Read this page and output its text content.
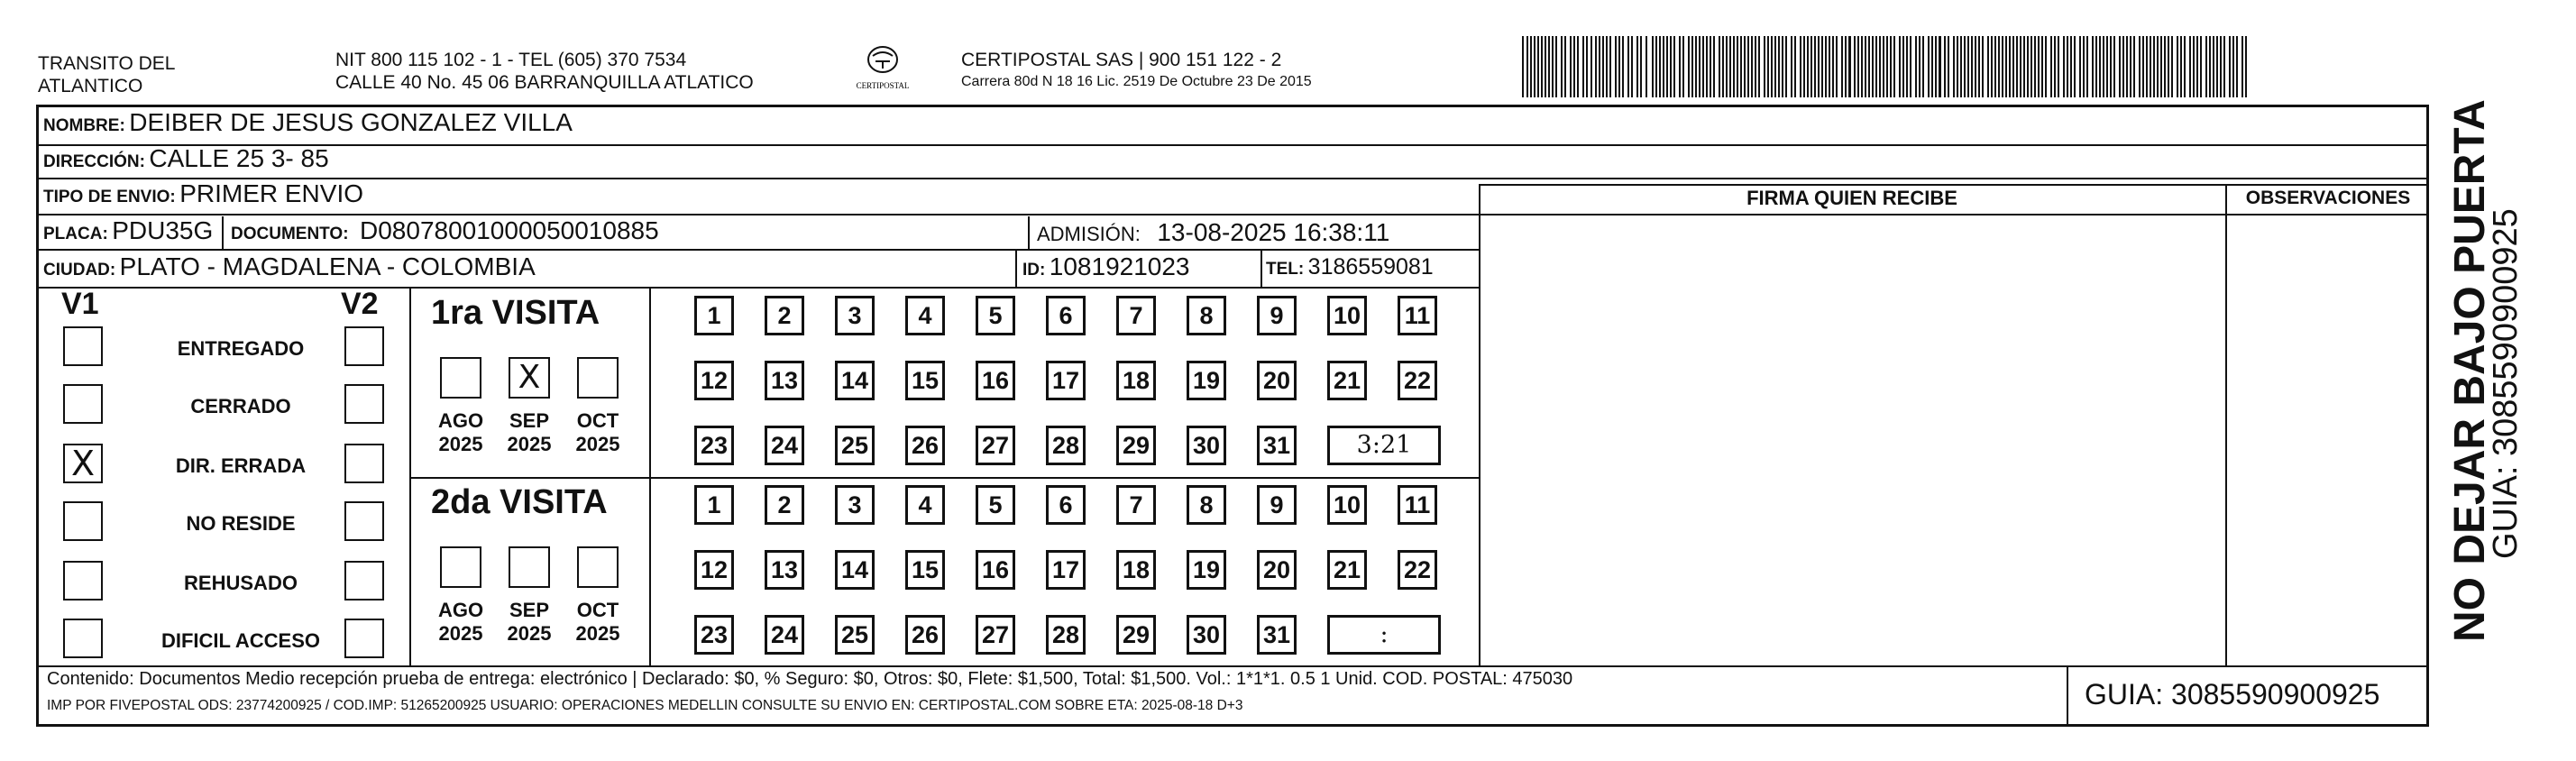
TRANSITO DEL
ATLANTICO
NIT 800 115 102 - 1 - TEL (605) 370 7534
CALLE 40 No. 45 06 BARRANQUILLA ATLATICO	CERTIPOSTAL
CERTIPOSTAL SAS | 900 151 122 - 2
Carrera 80d N 18 16 Lic. 2519 De Octubre 23 De 2015
NOMBRE: DEIBER DE JESUS GONZALEZ VILLA
DIRECCIÓN: CALLE 25 3- 85
TIPO DE ENVIO: PRIMER ENVIO
PLACA: PDU35G DOCUMENTO: D08078001000050010885	ADMISIÓN: 13-08-2025 16:38:11
CIUDAD: PLATO - MAGDALENA - COLOMBIA	ID: 1081921023	TEL: 3186559081
FIRMA QUIEN RECIBE	OBSERVACIONES
V1	V2
ENTREGADO
CERRADO
X	DIR. ERRADA
NO RESIDE
REHUSADO
DIFICIL ACCESO
1ra VISITA
2da VISITA
1	2	3	4	5	6	7	8	9	10 11
12 13 14 15 16 17 18 19 20 21 22
23 24 25 26 27 28 29 30 31	3:21
AGO
2025
X
SEP
2025
OCT
2025
1	2	3	4	5	6	7	8	9	10 11
12 13 14 15 16 17 18 19 20 21 22
23 24 25 26 27 28 29 30 31	:
AGO
2025
SEP
2025
OCT
2025
Contenido: Documentos Medio recepción prueba de entrega: electrónico | Declarado: $0, % Seguro: $0, Otros: $0, Flete: $1,500, Total: $1,500. Vol.: 1*1*1. 0.5 1 Unid. COD. POSTAL: 475030
IMP POR FIVEPOSTAL ODS: 23774200925 / COD.IMP: 51265200925 USUARIO: OPERACIONES MEDELLIN CONSULTE SU ENVIO EN: CERTIPOSTAL.COM SOBRE ETA: 2025-08-18 D+3	GUIA: 3085590900925
NO DEJAR BAJO PUERTA
GUIA: 3085590900925
